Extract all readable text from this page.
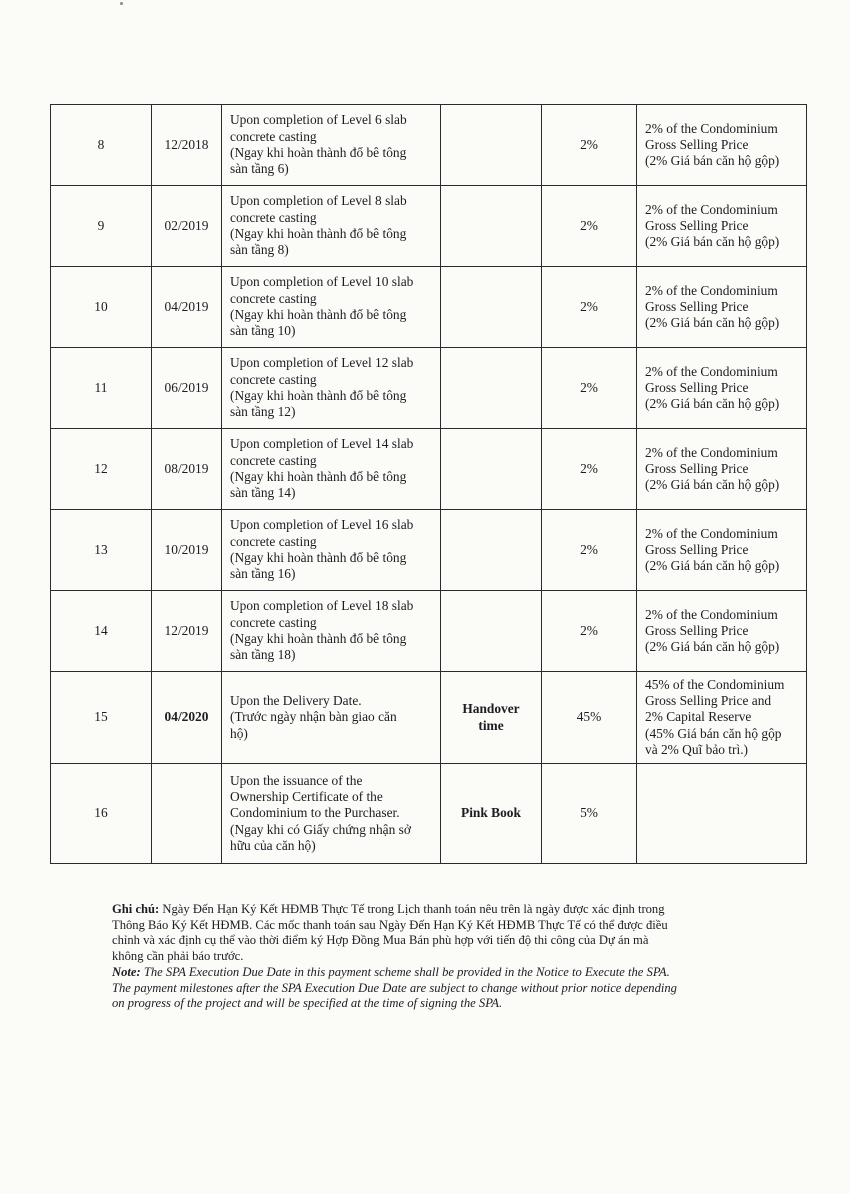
8	12/2018	Upon completion of Level 6 slab
concrete casting
(Ngay khi hoàn thành đổ bê tông
sàn tầng 6)		2%	2% of the Condominium
Gross Selling Price
(2% Giá bán căn hộ gộp)

9	02/2019	Upon completion of Level 8 slab
concrete casting
(Ngay khi hoàn thành đổ bê tông
sàn tầng 8)		2%	2% of the Condominium
Gross Selling Price
(2% Giá bán căn hộ gộp)

10	04/2019	Upon completion of Level 10 slab
concrete casting
(Ngay khi hoàn thành đổ bê tông
sàn tầng 10)		2%	2% of the Condominium
Gross Selling Price
(2% Giá bán căn hộ gộp)

11	06/2019	Upon completion of Level 12 slab
concrete casting
(Ngay khi hoàn thành đổ bê tông
sàn tầng 12)		2%	2% of the Condominium
Gross Selling Price
(2% Giá bán căn hộ gộp)

12	08/2019	Upon completion of Level 14 slab
concrete casting
(Ngay khi hoàn thành đổ bê tông
sàn tầng 14)		2%	2% of the Condominium
Gross Selling Price
(2% Giá bán căn hộ gộp)

13	10/2019	Upon completion of Level 16 slab
concrete casting
(Ngay khi hoàn thành đổ bê tông
sàn tầng 16)		2%	2% of the Condominium
Gross Selling Price
(2% Giá bán căn hộ gộp)

14	12/2019	Upon completion of Level 18 slab
concrete casting
(Ngay khi hoàn thành đổ bê tông
sàn tầng 18)		2%	2% of the Condominium
Gross Selling Price
(2% Giá bán căn hộ gộp)

15	04/2020	Upon the Delivery Date.
(Trước ngày nhận bàn giao căn
hộ)	Handover
time	45%	45% of the Condominium
Gross Selling Price and
2% Capital Reserve
(45% Giá bán căn hộ gộp
và 2% Quĩ bảo trì.)

16		Upon the issuance of the
Ownership Certificate of the
Condominium to the Purchaser.
(Ngay khi có Giấy chứng nhận sở
hữu của căn hộ)	Pink Book	5%	
Ghi chú: Ngày Đến Hạn Ký Kết HĐMB Thực Tế trong Lịch thanh toán nêu trên là ngày được xác định trong
Thông Báo Ký Kết HĐMB. Các mốc thanh toán sau Ngày Đến Hạn Ký Kết HĐMB Thực Tế có thể được điều
chỉnh và xác định cụ thể vào thời điểm ký Hợp Đồng Mua Bán phù hợp với tiến độ thi công của Dự án mà
không cần phải báo trước.
Note: The SPA Execution Due Date in this payment scheme shall be provided in the Notice to Execute the SPA.
The payment milestones after the SPA Execution Due Date are subject to change without prior notice depending
on progress of the project and will be specified at the time of signing the SPA.
